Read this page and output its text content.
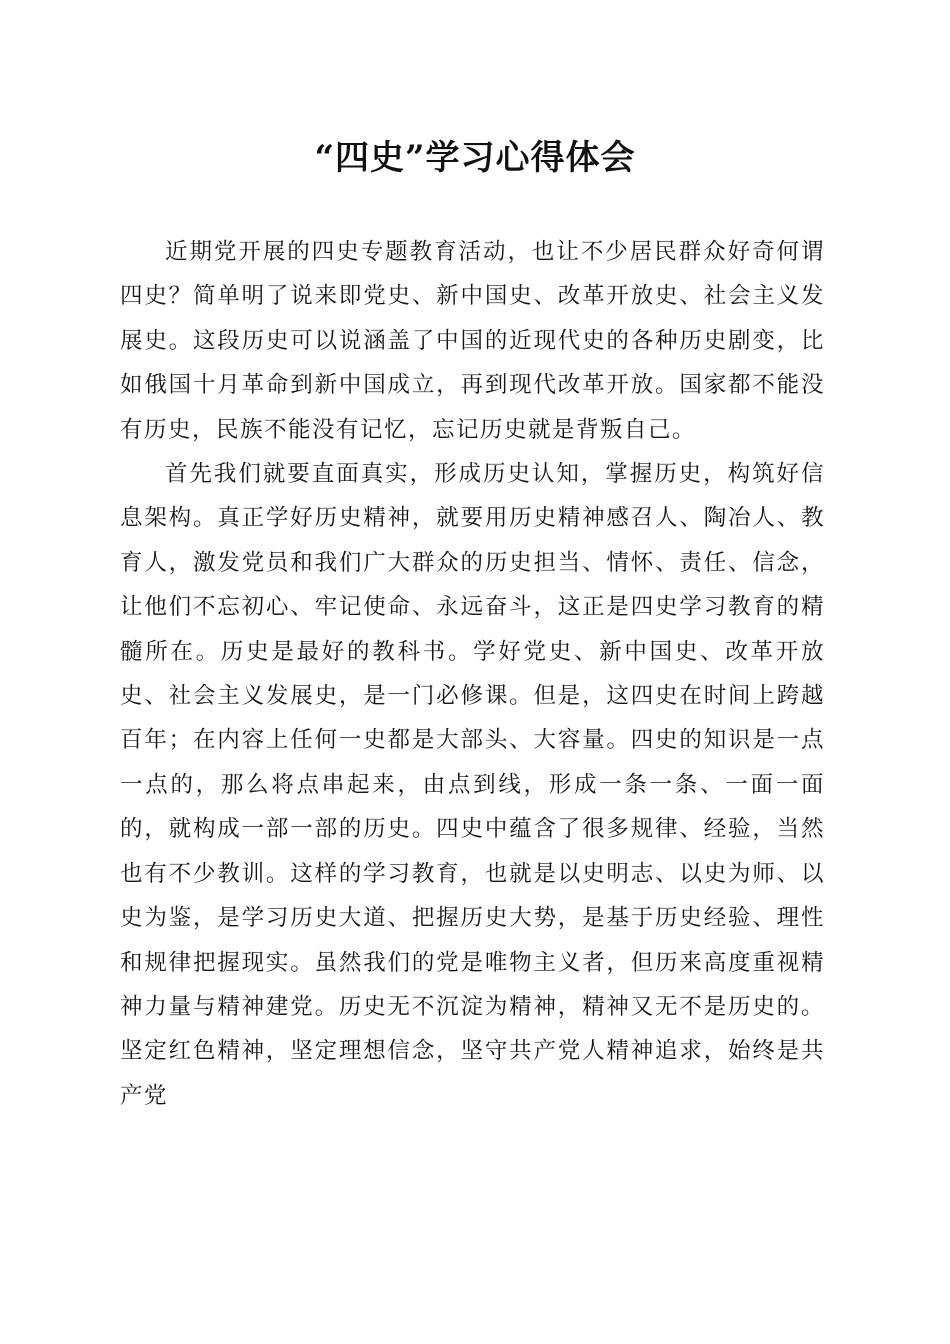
“四史”学习心得体会

近期党开展的四史专题教育活动，也让不少居民群众好奇何谓四史？简单明了说来即党史、新中国史、改革开放史、社会主义发展史。这段历史可以说涵盖了中国的近现代史的各种历史剧变，比如俄国十月革命到新中国成立，再到现代改革开放。国家都不能没有历史，民族不能没有记忆，忘记历史就是背叛自己。

首先我们就要直面真实，形成历史认知，掌握历史，构筑好信息架构。真正学好历史精神，就要用历史精神感召人、陶冶人、教育人，激发党员和我们广大群众的历史担当、情怀、责任、信念，让他们不忘初心、牢记使命、永远奋斗，这正是四史学习教育的精髓所在。历史是最好的教科书。学好党史、新中国史、改革开放史、社会主义发展史，是一门必修课。但是，这四史在时间上跨越百年；在内容上任何一史都是大部头、大容量。四史的知识是一点一点的，那么将点串起来，由点到线，形成一条一条、一面一面的，就构成一部一部的历史。四史中蕴含了很多规律、经验，当然也有不少教训。这样的学习教育，也就是以史明志、以史为师、以史为鉴，是学习历史大道、把握历史大势，是基于历史经验、理性和规律把握现实。虽然我们的党是唯物主义者，但历来高度重视精神力量与精神建党。历史无不沉淀为精神，精神又无不是历史的。坚定红色精神，坚定理想信念，坚守共产党人精神追求，始终是共产党
